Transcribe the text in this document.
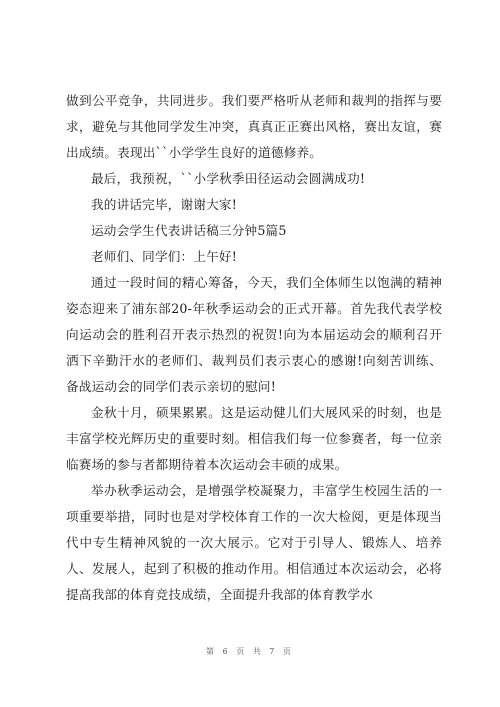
做到公平竞争，共同进步。我们要严格听从老师和裁判的指挥与要求，避免与其他同学发生冲突，真真正正赛出风格，赛出友谊，赛出成绩。表现出``小学学生良好的道德修养。

最后，我预祝，``小学秋季田径运动会圆满成功!

我的讲话完毕，谢谢大家!

运动会学生代表讲话稿三分钟5篇5

老师们、同学们：上午好!

通过一段时间的精心筹备，今天，我们全体师生以饱满的精神姿态迎来了浦东部20-年秋季运动会的正式开幕。首先我代表学校向运动会的胜利召开表示热烈的祝贺!向为本届运动会的顺利召开洒下辛勤汗水的老师们、裁判员们表示衷心的感谢!向刻苦训练、备战运动会的同学们表示亲切的慰问!

金秋十月，硕果累累。这是运动健儿们大展风采的时刻，也是丰富学校光辉历史的重要时刻。相信我们每一位参赛者，每一位亲临赛场的参与者都期待着本次运动会丰硕的成果。

举办秋季运动会，是增强学校凝聚力，丰富学生校园生活的一项重要举措，同时也是对学校体育工作的一次大检阅，更是体现当代中专生精神风貌的一次大展示。它对于引导人、锻炼人、培养人、发展人，起到了积极的推动作用。相信通过本次运动会，必将提高我部的体育竞技成绩，全面提升我部的体育教学水

第 6 页 共 7 页
